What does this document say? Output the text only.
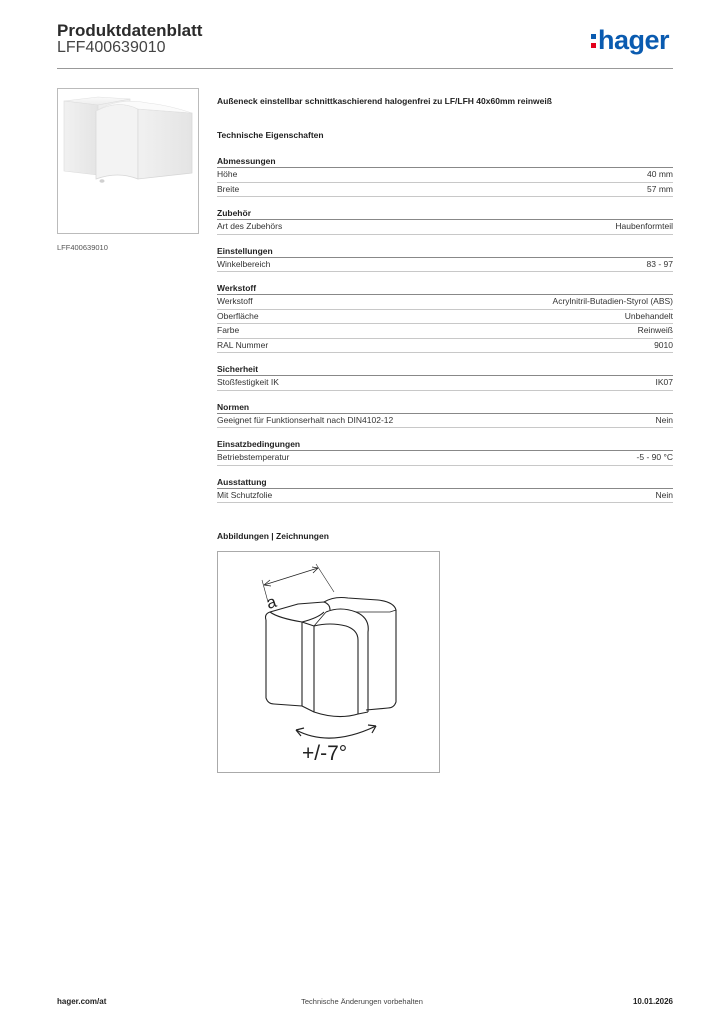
Produktdatenblatt
LFF400639010	hager
LFF400639010
Außeneck einstellbar schnittkaschierend halogenfrei zu LF/LFH 40x60mm reinweiß
Technische Eigenschaften
Abmessungen
Höhe	40 mm
Breite	57 mm
Zubehör
Art des Zubehörs	Haubenformteil
Einstellungen
Winkelbereich	83 - 97
Werkstoff
Werkstoff	Acrylnitril-Butadien-Styrol (ABS)
Oberfläche	Unbehandelt
Farbe	Reinweiß
RAL Nummer	9010
Sicherheit
Stoßfestigkeit IK	IK07
Normen
Geeignet für Funktionserhalt nach DIN4102-12	Nein
Einsatzbedingungen
Betriebstemperatur	-5 - 90 °C
Ausstattung
Mit Schutzfolie	Nein
Abbildungen | Zeichnungen
a
+/-7°
hager.com/at	Technische Änderungen vorbehalten	10.01.2026
